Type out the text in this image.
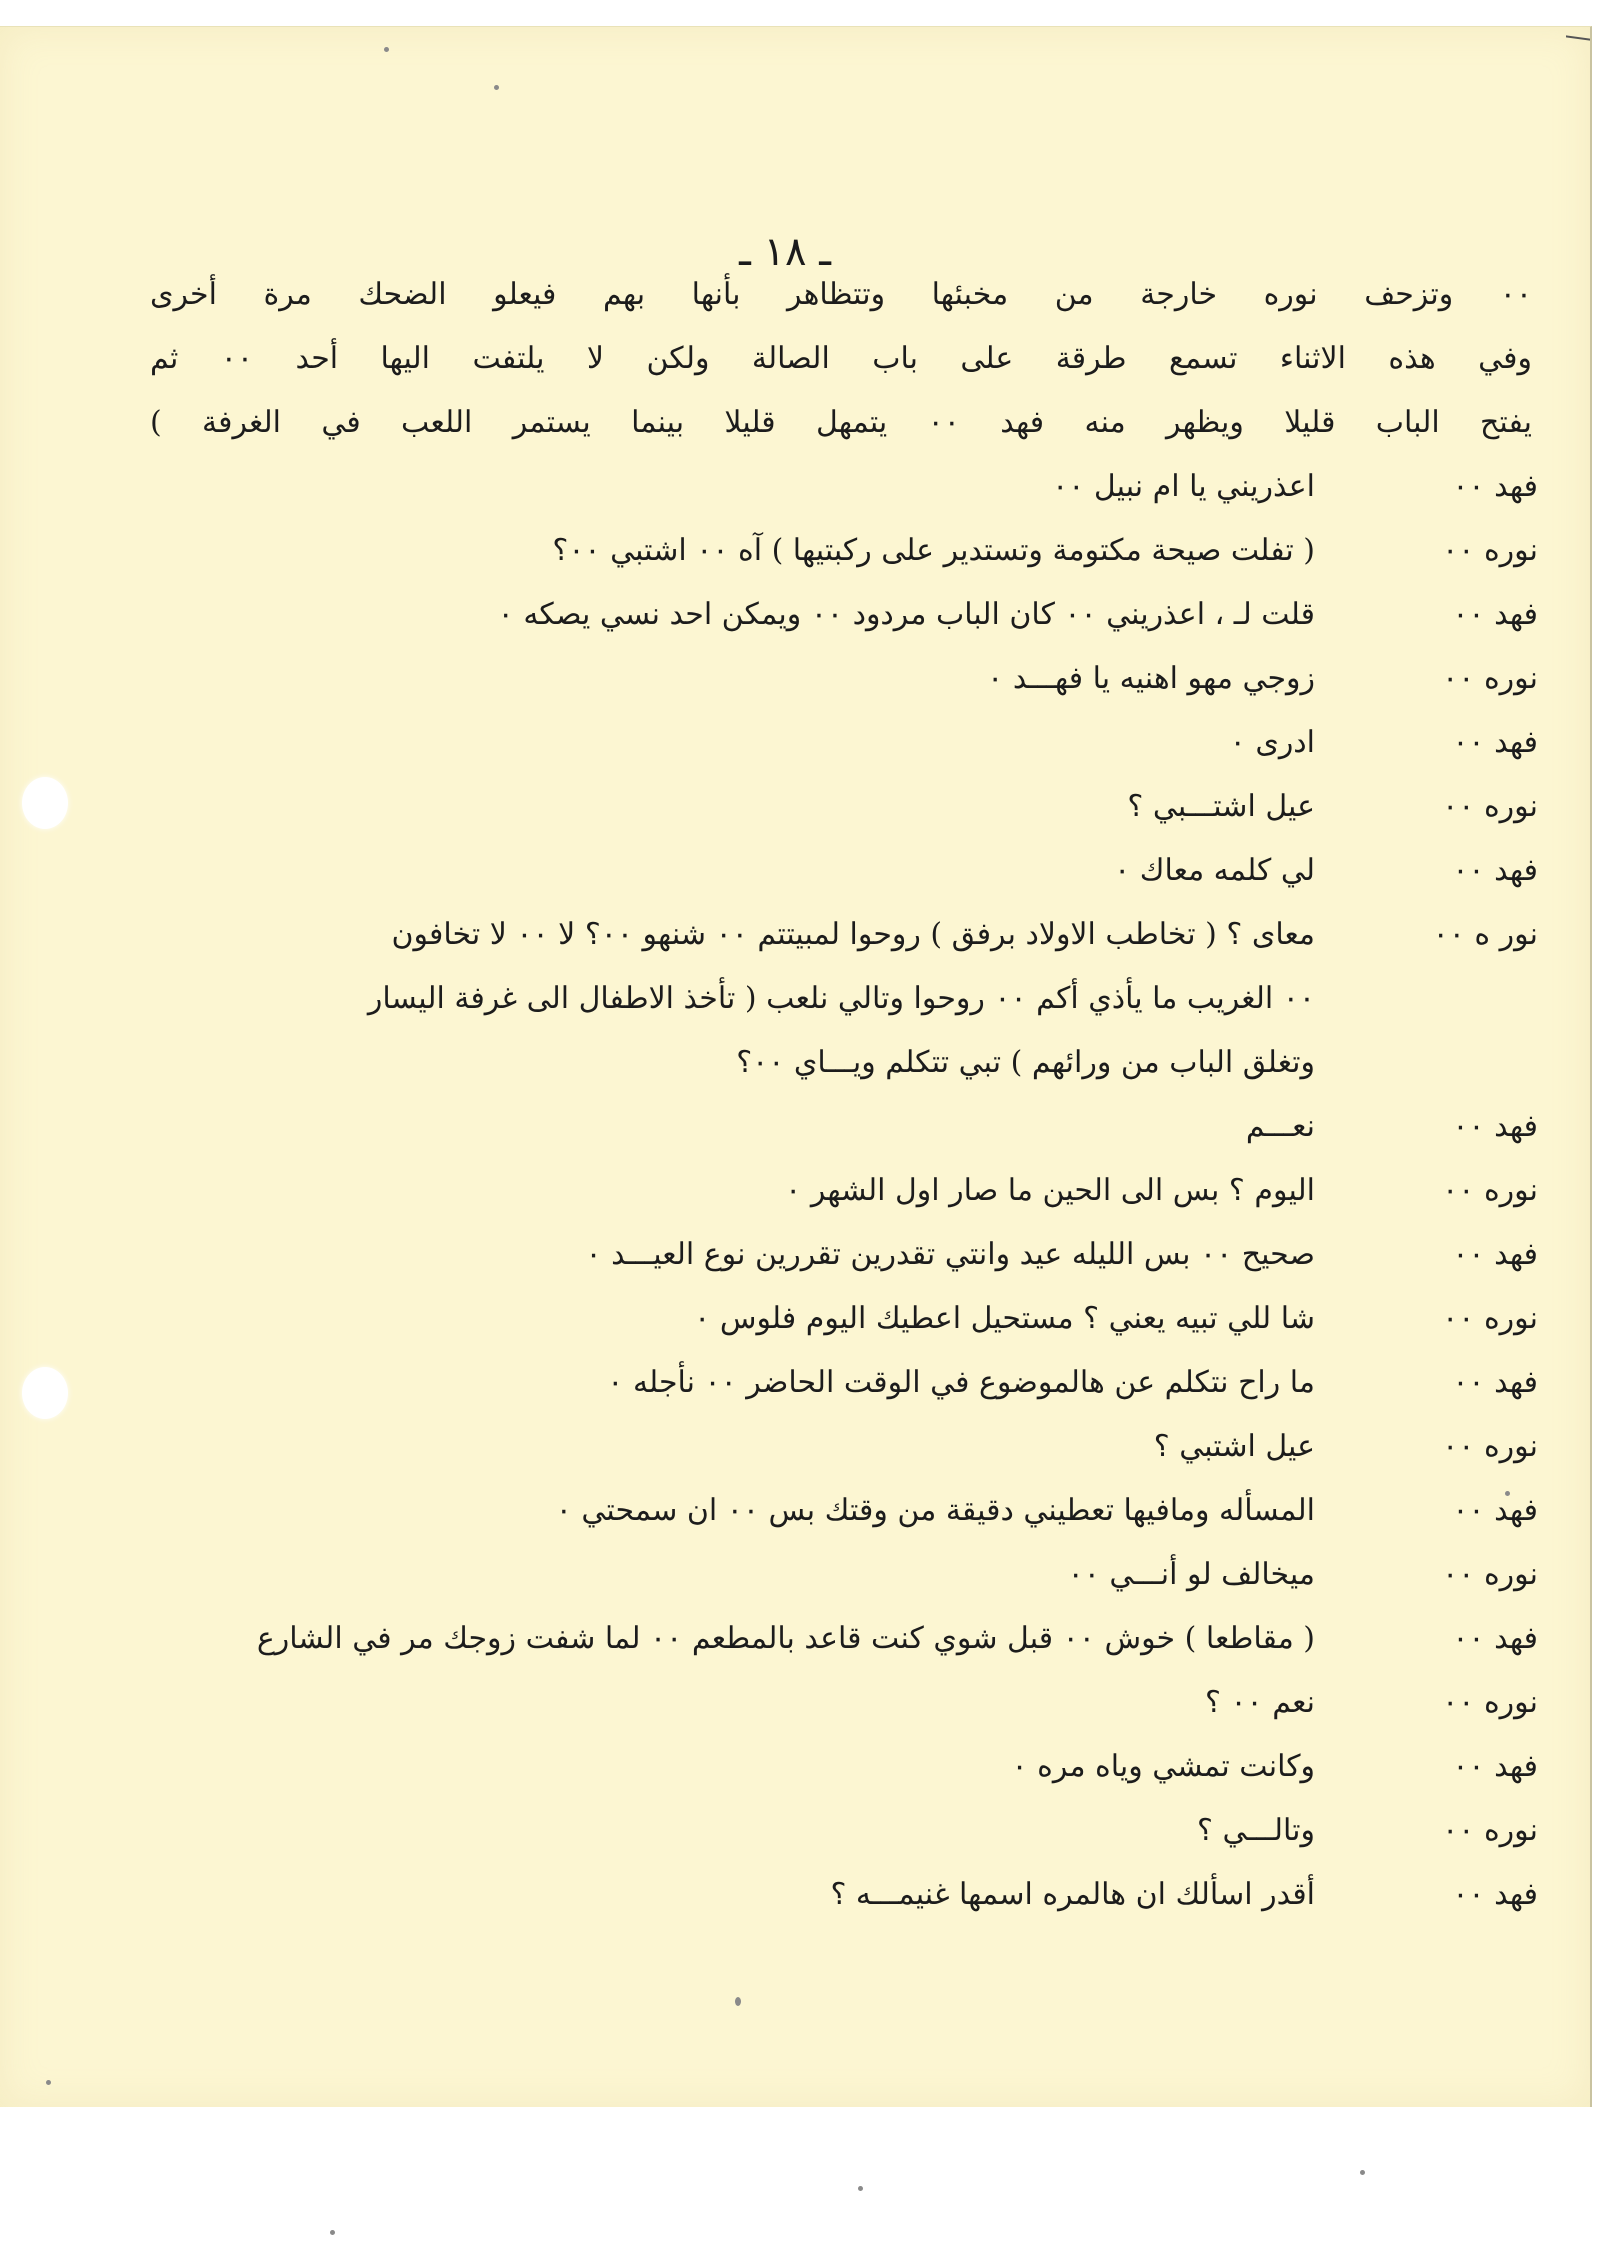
ـ ١٨ ـ
٠٠ وتزحف نوره خارجة من مخبئها وتتظاهر بأنها بهم فيعلو الضحك مرة أخرى
وفي هذه الاثناء تسمع طرقة على باب الصالة ولكن لا يلتفت اليها أحد ٠٠ ثم
يفتح الباب قليلا ويظهر منه فهد ٠٠ يتمهل قليلا بينما يستمر اللعب في الغرفة )
فهد ٠٠
اعذريني يا ام نبيل ٠٠
نوره ٠٠
( تفلت صيحة مكتومة وتستدير على ركبتيها ) آه ٠٠ اشتبي ٠٠؟
فهد ٠٠
قلت لـ ، اعذريني ٠٠ كان الباب مردود ٠٠ ويمكن احد نسي يصكه ٠
نوره ٠٠
زوجي مهو اهنيه يا فهـــد ٠
فهد ٠٠
ادرى ٠
نوره ٠٠
عيل اشتـــبي ؟
فهد ٠٠
لي كلمه معاك ٠
نور ه ٠٠
معاى ؟ ( تخاطب الاولاد برفق ) روحوا لمبيتتم ٠٠ شنهو ٠٠؟ لا ٠٠ لا تخافون
٠٠ الغريب ما يأذي أكم ٠٠ روحوا وتالي نلعب ( تأخذ الاطفال الى غرفة اليسار
وتغلق الباب من ورائهم ) تبي تتكلم ويـــاي ٠٠؟
فهد ٠٠
نعـــم
نوره ٠٠
اليوم ؟ بس الى الحين ما صار اول الشهر ٠
فهد ٠٠
صحيح ٠٠ بس الليله عيد وانتي تقدرين تقررين نوع العيـــد ٠
نوره ٠٠
شا للي تبيه يعني ؟ مستحيل اعطيك اليوم فلوس ٠
فهد ٠٠
ما راح نتكلم عن هالموضوع في الوقت الحاضر ٠٠ نأجله ٠
نوره ٠٠
عيل اشتبي ؟
فهد ٠٠
المسأله ومافيها تعطيني دقيقة من وقتك بس ٠٠ ان سمحتي ٠
نوره ٠٠
ميخالف لو أنـــي ٠٠
فهد ٠٠
( مقاطعا ) خوش ٠٠ قبل شوي كنت قاعد بالمطعم ٠٠ لما شفت زوجك مر في الشارع
نوره ٠٠
نعم ٠٠ ؟
فهد ٠٠
وكانت تمشي وياه مره ٠
نوره ٠٠
وتالـــي ؟
فهد ٠٠
أقدر اسألك ان هالمره اسمها غنيمـــه ؟
